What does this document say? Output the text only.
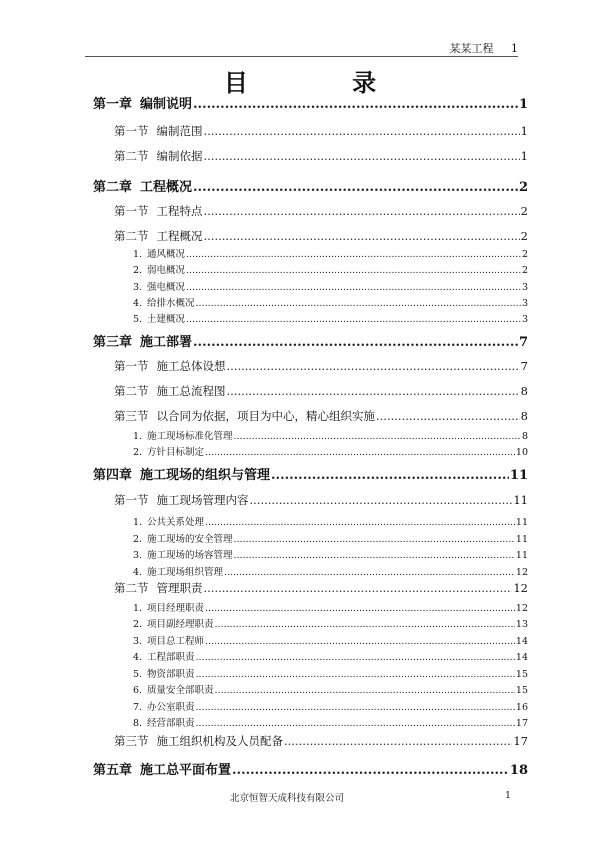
某某工程 1
目 录
第一章 编制说明 .....	1
第一节 编制范围 .....	1
第二节 编制依据 .....	1
第二章 工程概况 .....	2
第一节 工程特点 .....	2
第二节 工程概况 .....	2
1. 通风概况 .....	2
2. 弱电概况 .....	2
3. 强电概况 .....	3
4. 给排水概况 .....	3
5. 土建概况 .....	3
第三章 施工部署 .....	7
第一节 施工总体设想 .....	7
第二节 施工总流程图 .....	8
第三节 以合同为依据，项目为中心，精心组织实施 .....	8
1. 施工现场标准化管理 .....	8
2. 方针目标制定 .....	10
第四章 施工现场的组织与管理 .....	11
第一节 施工现场管理内容 .....	11
1. 公共关系处理 .....	11
2. 施工现场的安全管理 .....	11
3. 施工现场的场容管理 .....	11
4. 施工现场组织管理 .....	12
第二节 管理职责 .....	12
1. 项目经理职责 .....	12
2. 项目副经理职责 .....	13
3. 项目总工程师 .....	14
4. 工程部职责 .....	14
5. 物资部职责 .....	15
6. 质量安全部职责 .....	15
7. 办公室职责 .....	16
8. 经营部职责 .....	17
第三节 施工组织机构及人员配备 .....	17
第五章 施工总平面布置 .....	18
北京恒智天成科技有限公司	1
